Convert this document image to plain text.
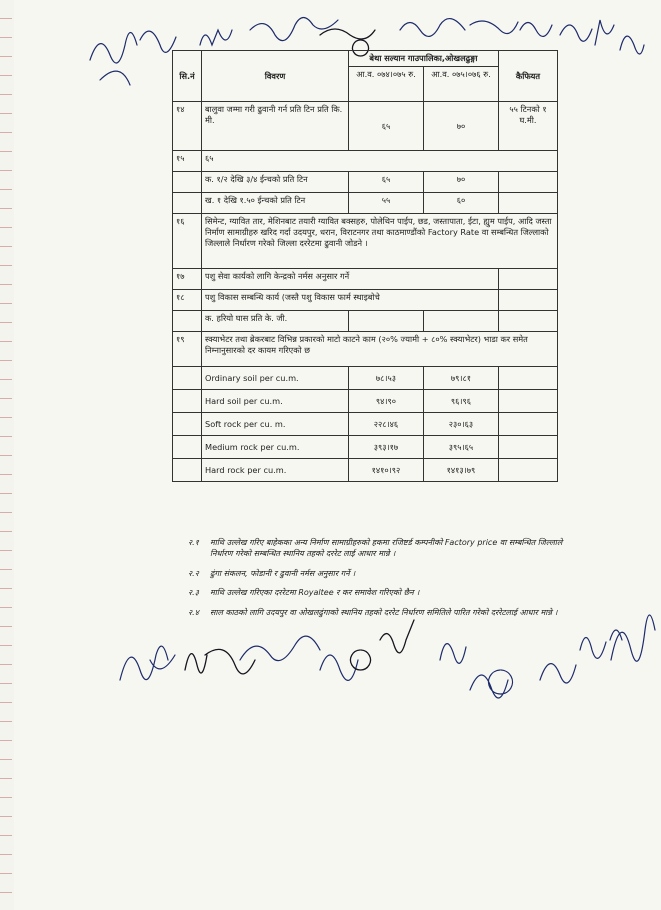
सि.नं	विवरण	बेथा सल्यान गाउपालिका,ओखलढुङ्गा		कैफियत
		आ.व. ०७४।०७५ रु.	आ.व. ०७५।०७६ रु.	
१४	बालुवा जम्मा गरी ढुवानी गर्न प्रति टिन प्रति कि. मी.	६५	७०	५५ टिनको १ घ.मी.
१५	६५			
	क. १/२ देखि ३/४ ईन्चको प्रति टिन	६५	७०	
	ख. १ देखि १.५० ईन्चको प्रति टिन	५५	६०	
१६	सिमेन्ट, ग्यावित तार, मेशिनबाट तयारी ग्यावित बक्सहरु, पोलेथिन पाईप, छड, जस्तापाता, ईटा, ह्युम पाईप, आदि जस्ता निर्माण सामाग्रीहरु खरिद गर्दा उदयपुर, धरान, विराटनगर तथा काठमाण्डौंको Factory Rate वा सम्बन्धित जिल्लाको जिल्लाले निर्धारण गरेको जिल्ला दररेटमा ढुवानी जोडने ।			
१७	पशु सेवा कार्यको लागि केन्द्रको नर्मस अनुसार गर्ने			
१८	पशु विकास सम्बन्धि कार्य (जस्तै पशु विकास फार्म स्थाइबोचे			
	क. हरियो घास प्रति के. जी.			
१९	स्क्याभेटर तथा ब्रेकरबाट विभिन्न प्रकारको माटो काटने काम (२०% ज्यामी + ८०% स्क्याभेटर) भाडा कर समेत निम्नानुसारको दर कायम गरिएको छ			
	Ordinary soil per cu.m.	७८।५३	७९।८१	
	Hard soil per cu.m.	९४।९०	९६।९६	
	Soft rock per cu. m.	२२८।४६	२३०।६३	
	Medium rock per cu.m.	३९३।१७	३९५।६५	
	Hard rock per cu.m.	१४१०।९२	१४१३।७९	
२.१	माथि उल्लेख गरिए बाहेकका अन्य निर्माण सामाग्रीहरुको हकमा रजिष्टर्ड कम्पनीको Factory price वा सम्बन्धित जिल्लाले निर्धारण गरेको सम्बन्धित स्थानिय तहको दररेट लाई आधार मान्ने ।
२.२	ढुंगा संकलन, फोडानी र ढुवानी नर्मस अनुसार गर्ने ।
२.३	माथि उल्लेख गरिएका दररेटमा Royaltee र कर समावेश गरिएको छैन ।
२.४	साल काठको लागि उदयपुर वा ओखलढुंगाको स्थानिय तहको दररेट निर्धारण समितिले पारित गरेको दररेटलाई आधार मान्ने ।
